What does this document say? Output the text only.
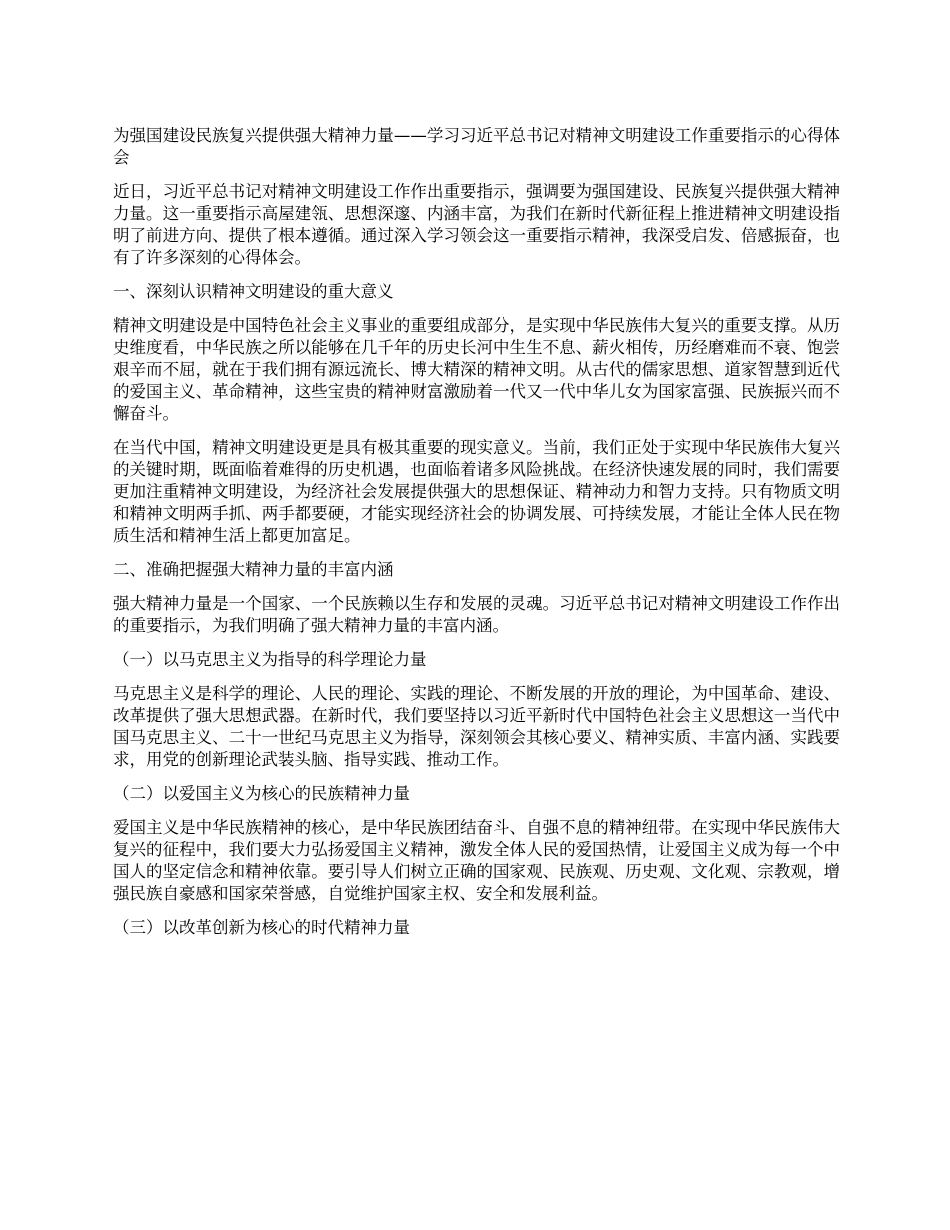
为强国建设民族复兴提供强大精神力量——学习习近平总书记对精神文明建设工作重要指示的心得体会
近日，习近平总书记对精神文明建设工作作出重要指示，强调要为强国建设、民族复兴提供强大精神力量。这一重要指示高屋建瓴、思想深邃、内涵丰富，为我们在新时代新征程上推进精神文明建设指明了前进方向、提供了根本遵循。通过深入学习领会这一重要指示精神，我深受启发、倍感振奋，也有了许多深刻的心得体会。
一、深刻认识精神文明建设的重大意义
精神文明建设是中国特色社会主义事业的重要组成部分，是实现中华民族伟大复兴的重要支撑。从历史维度看，中华民族之所以能够在几千年的历史长河中生生不息、薪火相传，历经磨难而不衰、饱尝艰辛而不屈，就在于我们拥有源远流长、博大精深的精神文明。从古代的儒家思想、道家智慧到近代的爱国主义、革命精神，这些宝贵的精神财富激励着一代又一代中华儿女为国家富强、民族振兴而不懈奋斗。
在当代中国，精神文明建设更是具有极其重要的现实意义。当前，我们正处于实现中华民族伟大复兴的关键时期，既面临着难得的历史机遇，也面临着诸多风险挑战。在经济快速发展的同时，我们需要更加注重精神文明建设，为经济社会发展提供强大的思想保证、精神动力和智力支持。只有物质文明和精神文明两手抓、两手都要硬，才能实现经济社会的协调发展、可持续发展，才能让全体人民在物质生活和精神生活上都更加富足。
二、准确把握强大精神力量的丰富内涵
强大精神力量是一个国家、一个民族赖以生存和发展的灵魂。习近平总书记对精神文明建设工作作出的重要指示，为我们明确了强大精神力量的丰富内涵。
（一）以马克思主义为指导的科学理论力量
马克思主义是科学的理论、人民的理论、实践的理论、不断发展的开放的理论，为中国革命、建设、改革提供了强大思想武器。在新时代，我们要坚持以习近平新时代中国特色社会主义思想这一当代中国马克思主义、二十一世纪马克思主义为指导，深刻领会其核心要义、精神实质、丰富内涵、实践要求，用党的创新理论武装头脑、指导实践、推动工作。
（二）以爱国主义为核心的民族精神力量
爱国主义是中华民族精神的核心，是中华民族团结奋斗、自强不息的精神纽带。在实现中华民族伟大复兴的征程中，我们要大力弘扬爱国主义精神，激发全体人民的爱国热情，让爱国主义成为每一个中国人的坚定信念和精神依靠。要引导人们树立正确的国家观、民族观、历史观、文化观、宗教观，增强民族自豪感和国家荣誉感，自觉维护国家主权、安全和发展利益。
（三）以改革创新为核心的时代精神力量
